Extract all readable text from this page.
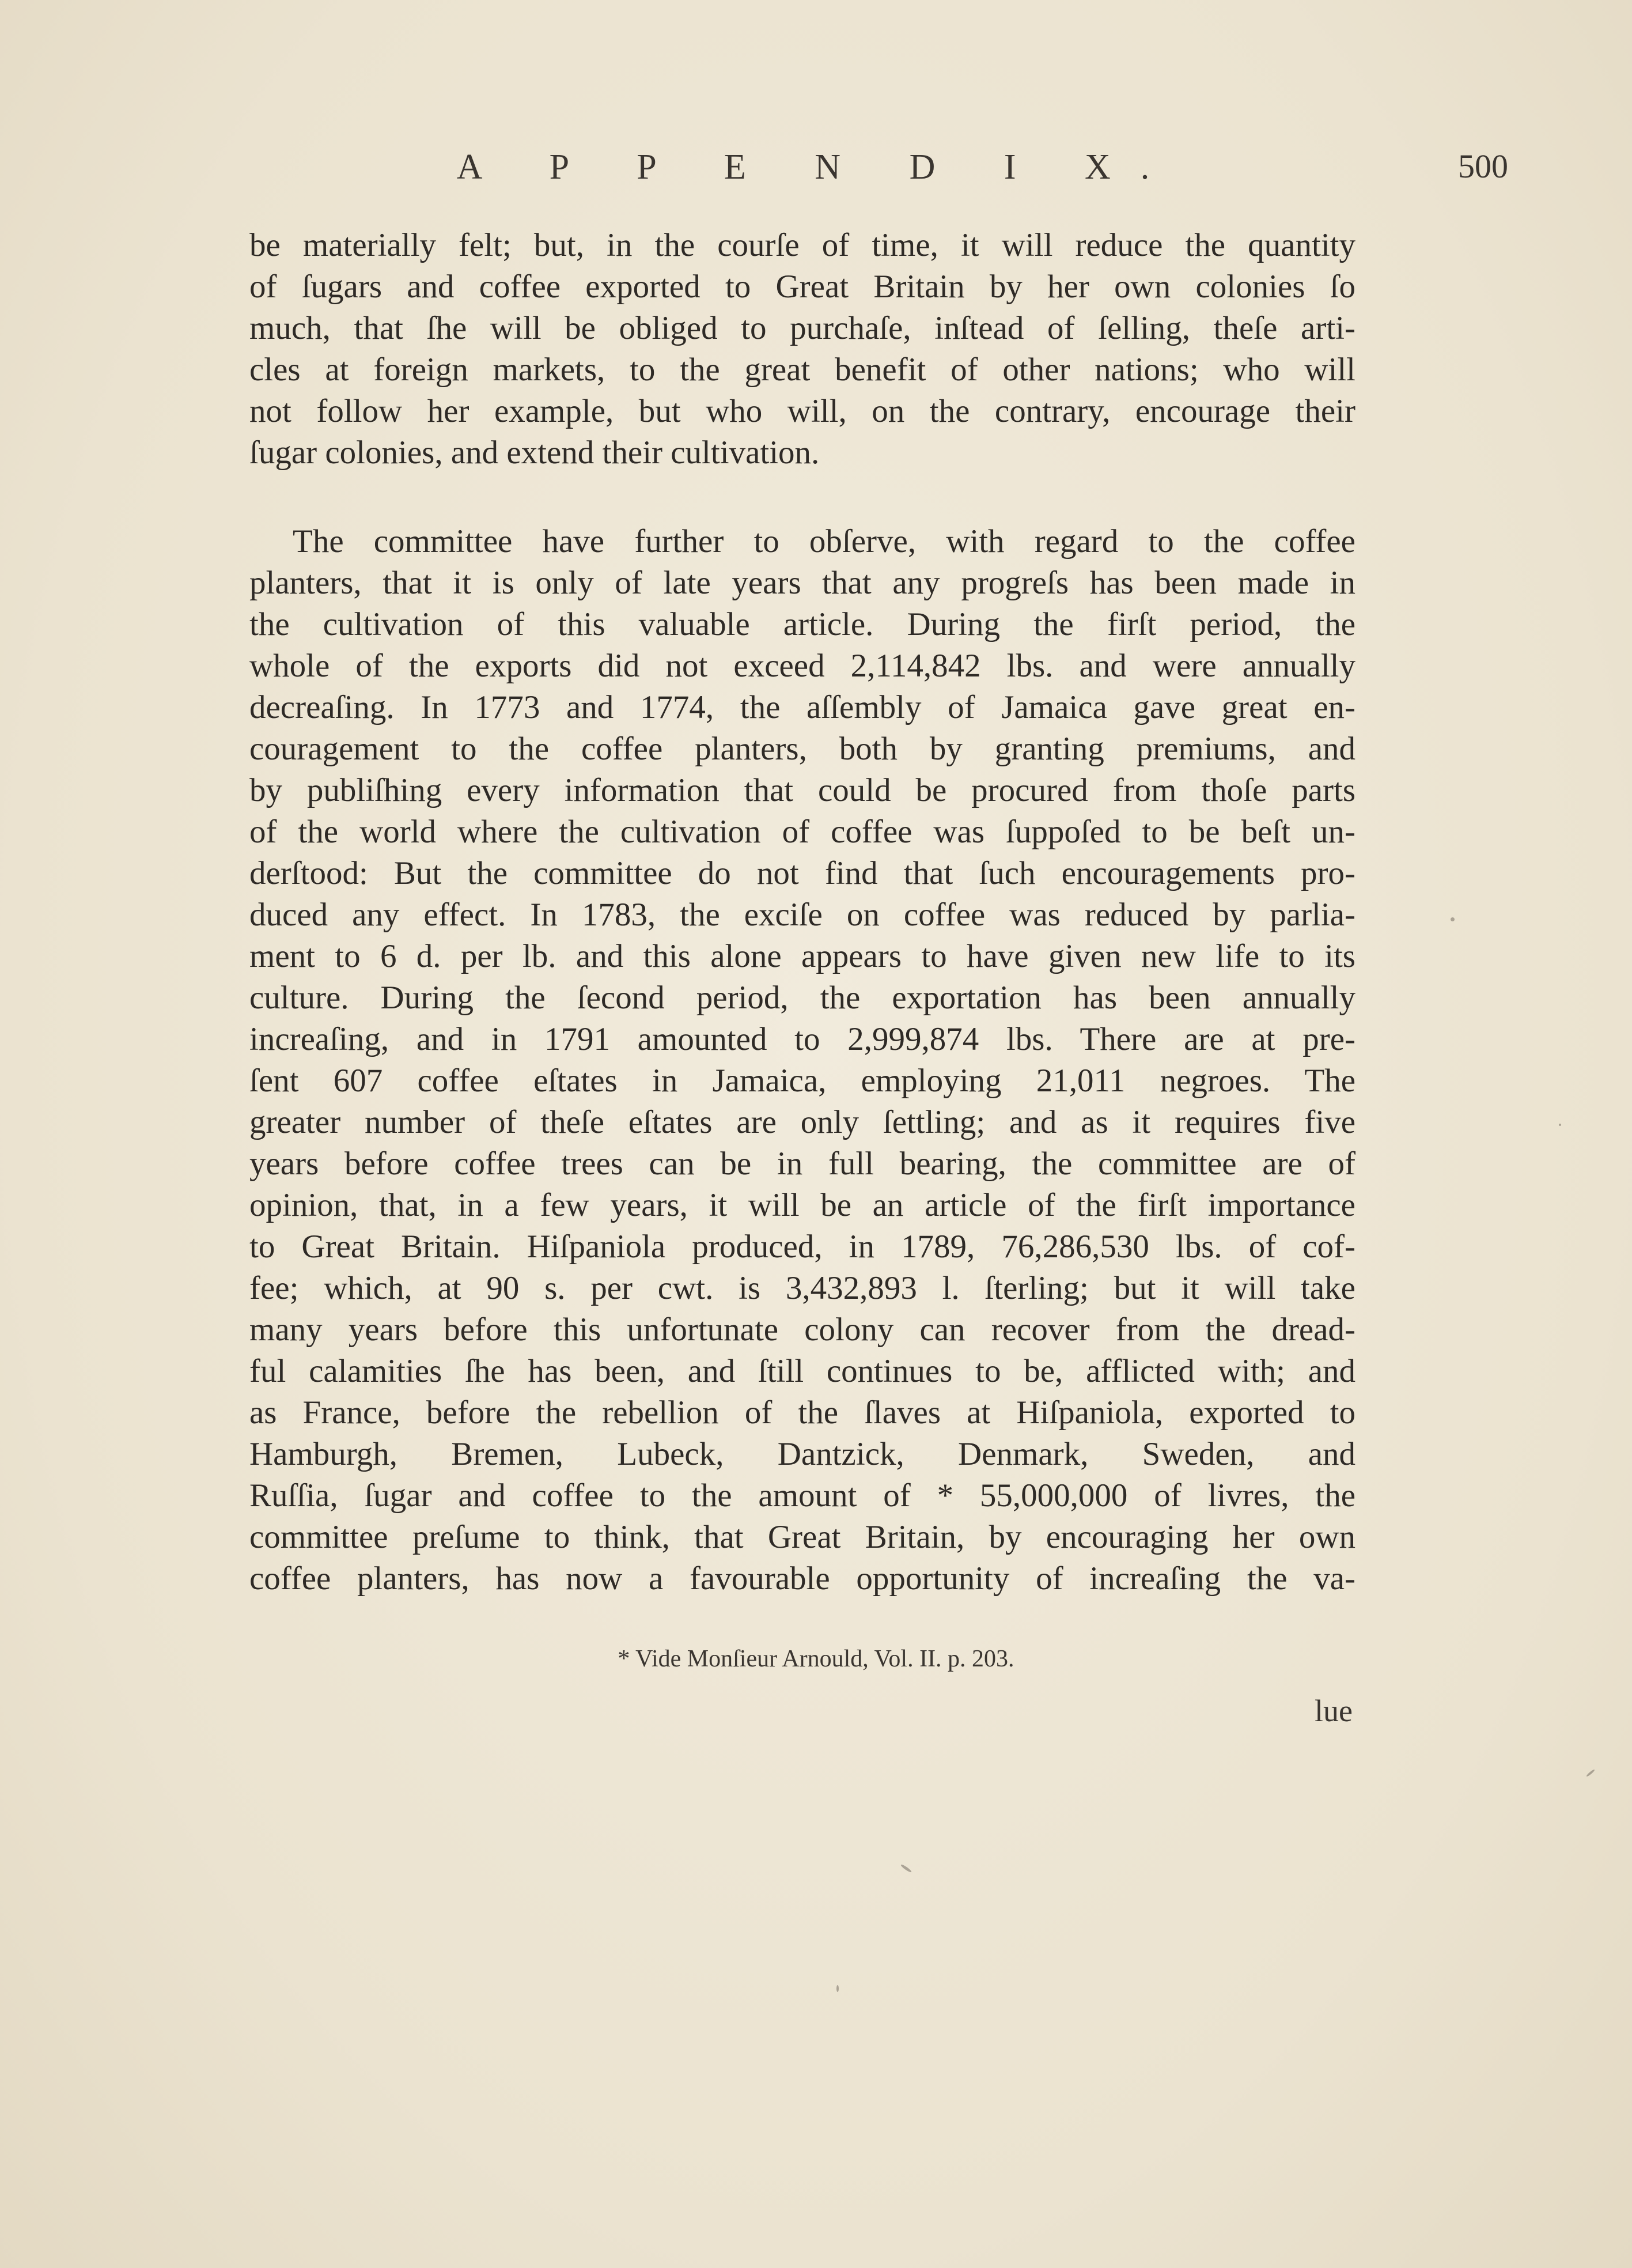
A P P E N D I X.	500
be materially felt; but, in the courſe of time, it will reduce the quantity
of ſugars and coffee exported to Great Britain by her own colonies ſo
much, that ſhe will be obliged to purchaſe, inſtead of ſelling, theſe arti-
cles at foreign markets, to the great benefit of other nations; who will
not follow her example, but who will, on the contrary, encourage their
ſugar colonies, and extend their cultivation.
The committee have further to obſerve, with regard to the coffee
planters, that it is only of late years that any progreſs has been made in
the cultivation of this valuable article. During the firſt period, the
whole of the exports did not exceed 2,114,842 lbs. and were annually
decreaſing. In 1773 and 1774, the aſſembly of Jamaica gave great en-
couragement to the coffee planters, both by granting premiums, and
by publiſhing every information that could be procured from thoſe parts
of the world where the cultivation of coffee was ſuppoſed to be beſt un-
derſtood: But the committee do not find that ſuch encouragements pro-
duced any effect. In 1783, the exciſe on coffee was reduced by parlia-
ment to 6 d. per lb. and this alone appears to have given new life to its
culture. During the ſecond period, the exportation has been annually
increaſing, and in 1791 amounted to 2,999,874 lbs. There are at pre-
ſent 607 coffee eſtates in Jamaica, employing 21,011 negroes. The
greater number of theſe eſtates are only ſettling; and as it requires five
years before coffee trees can be in full bearing, the committee are of
opinion, that, in a few years, it will be an article of the firſt importance
to Great Britain. Hiſpaniola produced, in 1789, 76,286,530 lbs. of cof-
fee; which, at 90 s. per cwt. is 3,432,893 l. ſterling; but it will take
many years before this unfortunate colony can recover from the dread-
ful calamities ſhe has been, and ſtill continues to be, afflicted with; and
as France, before the rebellion of the ſlaves at Hiſpaniola, exported to
Hamburgh, Bremen, Lubeck, Dantzick, Denmark, Sweden, and
Ruſſia, ſugar and coffee to the amount of * 55,000,000 of livres, the
committee preſume to think, that Great Britain, by encouraging her own
coffee planters, has now a favourable opportunity of increaſing the va-
* Vide Monſieur Arnould, Vol. II. p. 203.
lue
